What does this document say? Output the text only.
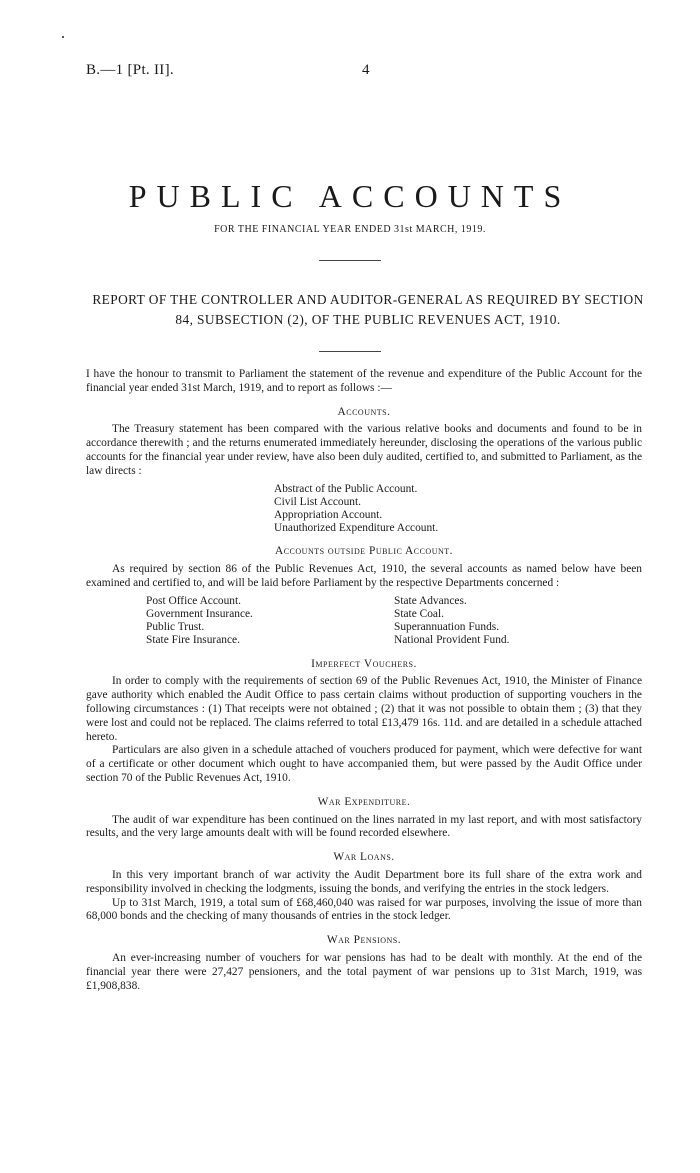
B.—1 [Pt. II].	4
PUBLIC ACCOUNTS
FOR THE FINANCIAL YEAR ENDED 31st MARCH, 1919.
REPORT OF THE CONTROLLER AND AUDITOR-GENERAL AS REQUIRED BY SECTION 84, SUBSECTION (2), OF THE PUBLIC REVENUES ACT, 1910.

I have the honour to transmit to Parliament the statement of the revenue and expenditure of the Public Account for the financial year ended 31st March, 1919, and to report as follows :—

Accounts.

The Treasury statement has been compared with the various relative books and documents and found to be in accordance therewith ; and the returns enumerated immediately hereunder, disclosing the operations of the various public accounts for the financial year under review, have also been duly audited, certified to, and submitted to Parliament, as the law directs :

Abstract of the Public Account.
Civil List Account.
Appropriation Account.
Unauthorized Expenditure Account.
Accounts outside Public Account.

As required by section 86 of the Public Revenues Act, 1910, the several accounts as named below have been examined and certified to, and will be laid before Parliament by the respective Departments concerned :

Post Office Account.
Government Insurance.
Public Trust.
State Fire Insurance.
State Advances.
State Coal.
Superannuation Funds.
National Provident Fund.
Imperfect Vouchers.

In order to comply with the requirements of section 69 of the Public Revenues Act, 1910, the Minister of Finance gave authority which enabled the Audit Office to pass certain claims without production of supporting vouchers in the following circumstances : (1) That receipts were not obtained ; (2) that it was not possible to obtain them ; (3) that they were lost and could not be replaced. The claims referred to total £13,479 16s. 11d. and are detailed in a schedule attached hereto.

Particulars are also given in a schedule attached of vouchers produced for payment, which were defective for want of a certificate or other document which ought to have accompanied them, but were passed by the Audit Office under section 70 of the Public Revenues Act, 1910.

War Expenditure.

The audit of war expenditure has been continued on the lines narrated in my last report, and with most satisfactory results, and the very large amounts dealt with will be found recorded elsewhere.

War Loans.

In this very important branch of war activity the Audit Department bore its full share of the extra work and responsibility involved in checking the lodgments, issuing the bonds, and verifying the entries in the stock ledgers.

Up to 31st March, 1919, a total sum of £68,460,040 was raised for war purposes, involving the issue of more than 68,000 bonds and the checking of many thousands of entries in the stock ledger.

War Pensions.

An ever-increasing number of vouchers for war pensions has had to be dealt with monthly. At the end of the financial year there were 27,427 pensioners, and the total payment of war pensions up to 31st March, 1919, was £1,908,838.
